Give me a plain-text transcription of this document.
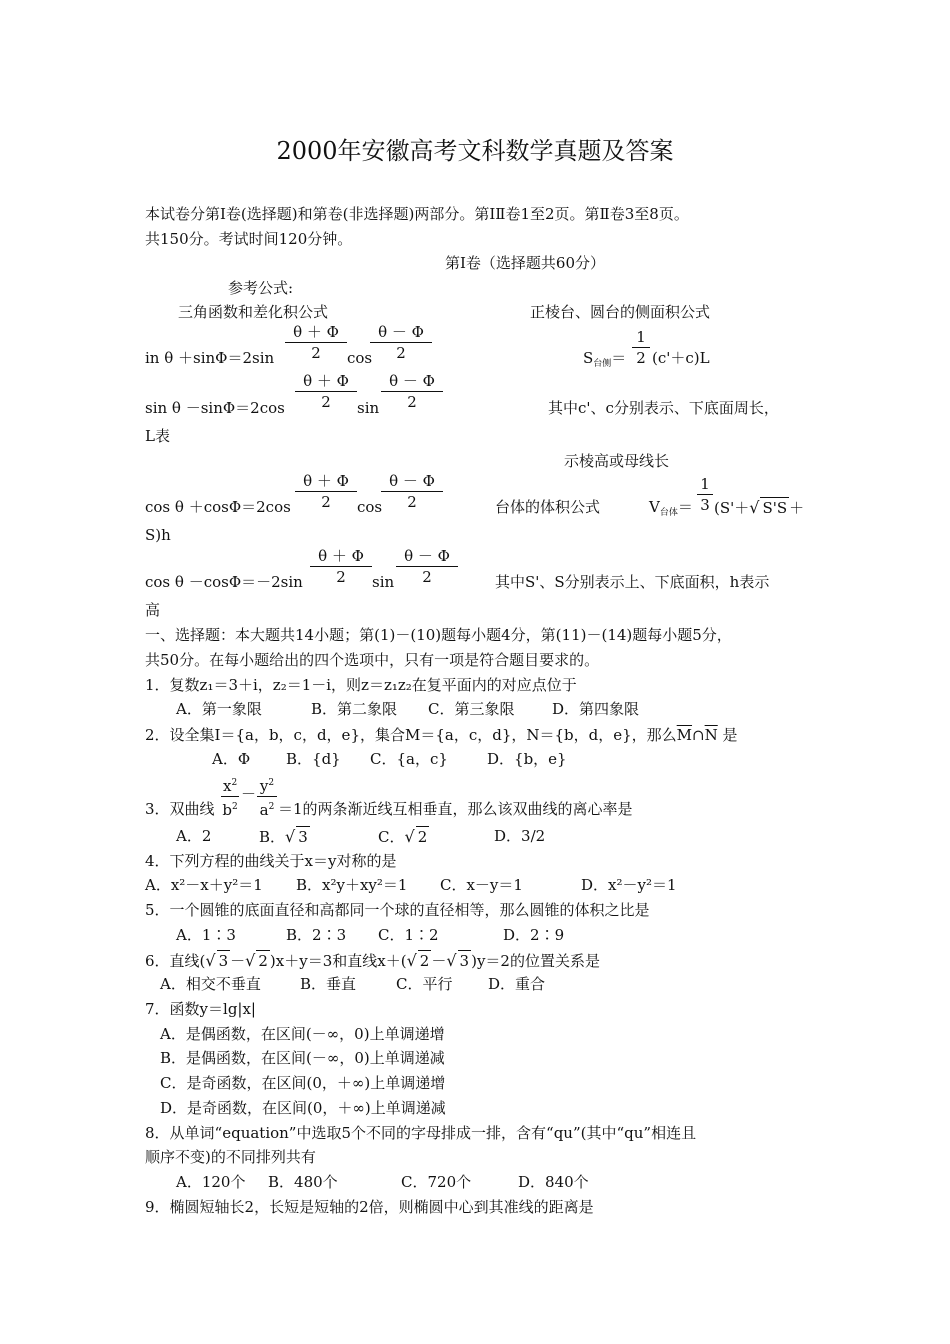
2000年安徽高考文科数学真题及答案
本试卷分第Ⅰ卷(选择题)和第卷(非选择题)两部分。第ⅠⅡ卷1至2页。第Ⅱ卷3至8页。
共150分。考试时间120分钟。
第Ⅰ卷（选择题共60分）
参考公式:
三角函数和差化积公式	正棱台、圆台的侧面积公式
θ ＋ Φ
2
θ － Φ
2
in θ ＋sinΦ＝2sin	cos	$S_{台侧}=$
1
2 (c'＋c)L
θ ＋ Φ
2
θ － Φ
2
sin θ －sinΦ＝2cos	sin	其中c'、c分别表示、下底面周长，
L表
示棱高或母线长
θ ＋ Φ
2
θ － Φ
2
cos θ ＋cosΦ＝2cos	cos	台体的体积公式	$V_{台体}=$
1
3 (S'＋√ S'S ＋
S)h
θ ＋ Φ
2
θ － Φ
2
cos θ －cosΦ＝－2sin	sin	其中S'、S分别表示上、下底面积，h表示
高
一、选择题：本大题共14小题；第(1)－(10)题每小题4分，第(11)－(14)题每小题5分，
共50分。在每小题给出的四个选项中，只有一项是符合题目要求的。
1．复数z₁＝3＋i，z₂＝1－i，则z＝z₁z₂在复平面内的对应点位于
A．第一象限	B．第二象限 C．第三象限	D．第四象限
2．设全集I＝{a，b，c，d，e}，集合M＝{a，c，d}，N＝{b，d，e}，那么$\overline{M}\cap\overline{N}$ 是
A．Φ B．{d} C．{a，c}	D．{b，e}
$x^2$
$b^2$
－ $y^2$
$a^2$
3．双曲线	＝1的两条渐近线互相垂直，那么该双曲线的离心率是
A．2	B．√ 3	C．√ 2	D．3/2
4．下列方程的曲线关于x＝y对称的是
A．x²－x＋y²＝1 B．x²y＋xy²＝1 C．x－y＝1	D．x²－y²＝1
5．一个圆锥的底面直径和高都同一个球的直径相等，那么圆锥的体积之比是
A．1∶3	B．2∶3 C．1∶2	D．2∶9
6．直线(√ 3 －√ 2 )x＋y＝3和直线x＋(√ 2 －√ 3 )y＝2的位置关系是
A．相交不垂直	B．垂直	C．平行 D．重合
7．函数y＝lg|x|
A．是偶函数，在区间(－∞，0)上单调递增
B．是偶函数，在区间(－∞，0)上单调递减
C．是奇函数，在区间(0，＋∞)上单调递增
D．是奇函数，在区间(0，＋∞)上单调递减
8．从单词“equation”中选取5个不同的字母排成一排，含有“qu”(其中“qu”相连且
顺序不变)的不同排列共有
A．120个 B．480个	C．720个	D．840个
9．椭圆短轴长2，长短是短轴的2倍，则椭圆中心到其准线的距离是
